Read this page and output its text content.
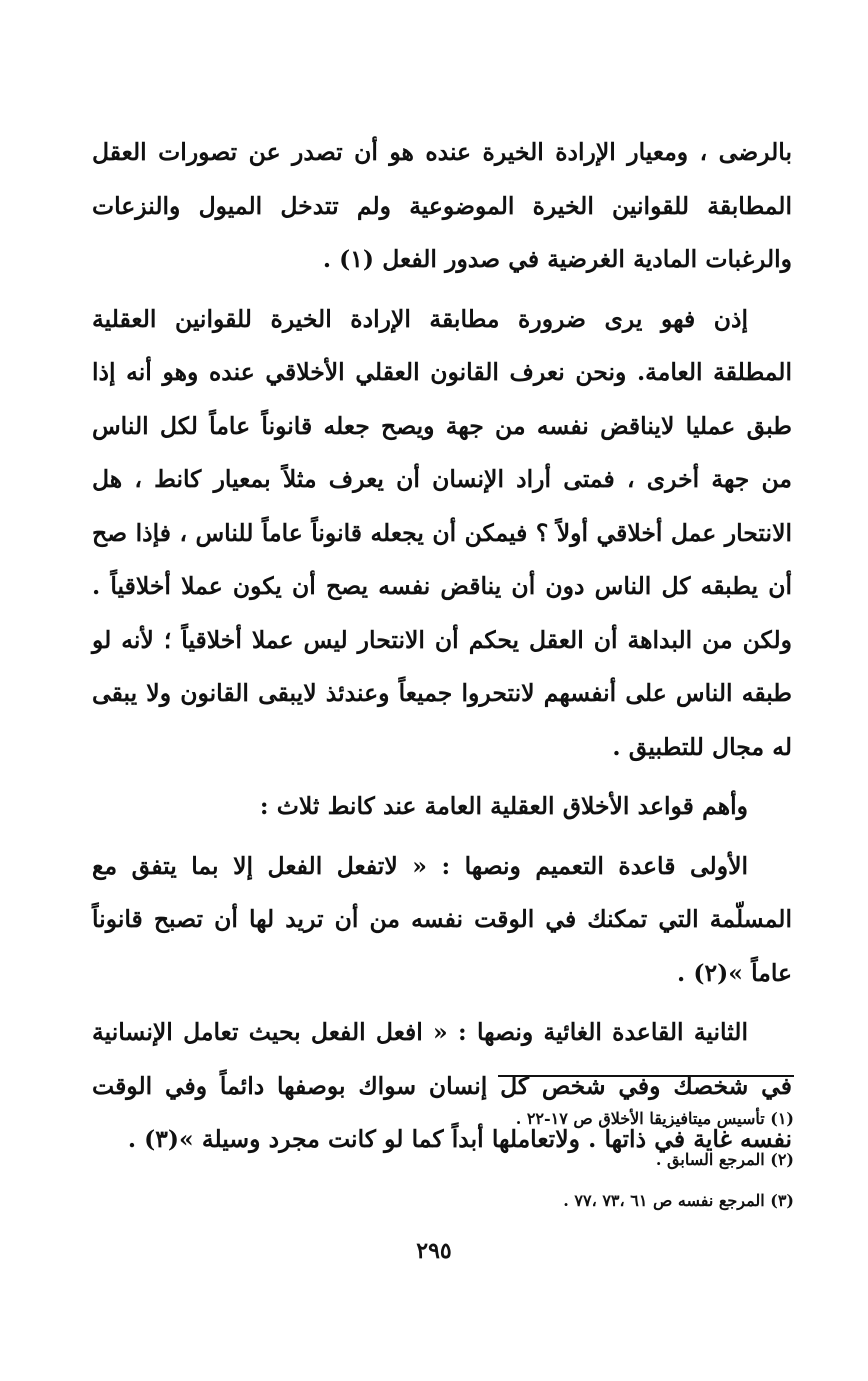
بالرضى ، ومعيار الإرادة الخيرة عنده هو أن تصدر عن تصورات العقل المطابقة للقوانين الخيرة الموضوعية ولم تتدخل الميول والنزعات والرغبات المادية الغرضية في صدور الفعل (١) .

إذن فهو يرى ضرورة مطابقة الإرادة الخيرة للقوانين العقلية المطلقة العامة. ونحن نعرف القانون العقلي الأخلاقي عنده وهو أنه إذا طبق عمليا لايناقض نفسه من جهة ويصح جعله قانوناً عاماً لكل الناس من جهة أخرى ، فمتى أراد الإنسان أن يعرف مثلاً بمعيار كانط ، هل الانتحار عمل أخلاقي أولاً ؟ فيمكن أن يجعله قانوناً عاماً للناس ، فإذا صح أن يطبقه كل الناس دون أن يناقض نفسه يصح أن يكون عملا أخلاقياً . ولكن من البداهة أن العقل يحكم أن الانتحار ليس عملا أخلاقياً ؛ لأنه لو طبقه الناس على أنفسهم لانتحروا جميعاً وعندئذ لايبقى القانون ولا يبقى له مجال للتطبيق .

وأهم قواعد الأخلاق العقلية العامة عند كانط ثلاث :

الأولى قاعدة التعميم ونصها : « لاتفعل الفعل إلا بما يتفق مع المسلّمة التي تمكنك في الوقت نفسه من أن تريد لها أن تصبح قانوناً عاماً »(٢) .

الثانية القاعدة الغائية ونصها : « افعل الفعل بحيث تعامل الإنسانية في شخصك وفي شخص كل إنسان سواك بوصفها دائماً وفي الوقت نفسه غاية في ذاتها . ولاتعاملها أبداً كما لو كانت مجرد وسيلة »(٣) .

(١) تأسيس ميتافيزيقا الأخلاق ص ١٧-٢٢ .

(٢) المرجع السابق .

(٣) المرجع نفسه ص ٦١ ،٧٣ ،٧٧ .

٢٩٥
